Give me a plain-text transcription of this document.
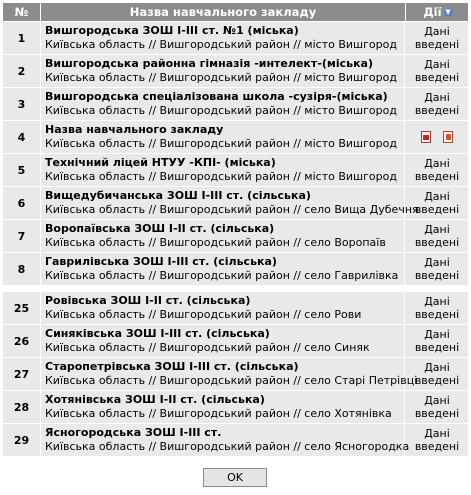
№	Назва навчального закладу	Дії ▼
1
Вишгородська ЗОШ І-ІІІ ст. №1 (міська)
Київська область // Вишгородський район // місто Вишгород
Дані
введені
2
Вишгородська районна гімназія -интелект-(міська)
Київська область // Вишгородський район // місто Вишгород
Дані
введені
3
Вишгородська спеціалізована школа -сузіря-(міська)
Київська область // Вишгородський район // місто Вишгород
Дані
введені
4
Назва навчального закладу
Київська область // Вишгородський район // місто Вишгород
5
Технічний ліцей НТУУ -КПІ- (міська)
Київська область // Вишгородський район // місто Вишгород
Дані
введені
6
Вищедубичанська ЗОШ І-ІІІ ст. (сільська)
Київська область // Вишгородський район // село Вища Дубечня
Дані
введені
7
Воропаївська ЗОШ І-ІІ ст. (сільська)
Київська область // Вишгородський район // село Воропаїв
Дані
введені
8
Гаврилівська ЗОШ І-ІІІ ст. (сільська)
Київська область // Вишгородський район // село Гаврилівка
Дані
введені
25
Ровівська ЗОШ І-ІІ ст. (сільська)
Київська область // Вишгородський район // село Рови
Дані
введені
26
Синяківська ЗОШ І-ІІІ ст. (сільська)
Київська область // Вишгородський район // село Синяк
Дані
введені
27
Старопетрівська ЗОШ І-ІІІ ст. (сільська)
Київська область // Вишгородський район // село Старі Петрівці
Дані
введені
28
Хотянівська ЗОШ І-ІІ ст. (сільська)
Київська область // Вишгородський район // село Хотянівка
Дані
введені
29
Ясногородська ЗОШ І-ІІІ ст.
Київська область // Вишгородський район // село Ясногородка
Дані
введені
OK
